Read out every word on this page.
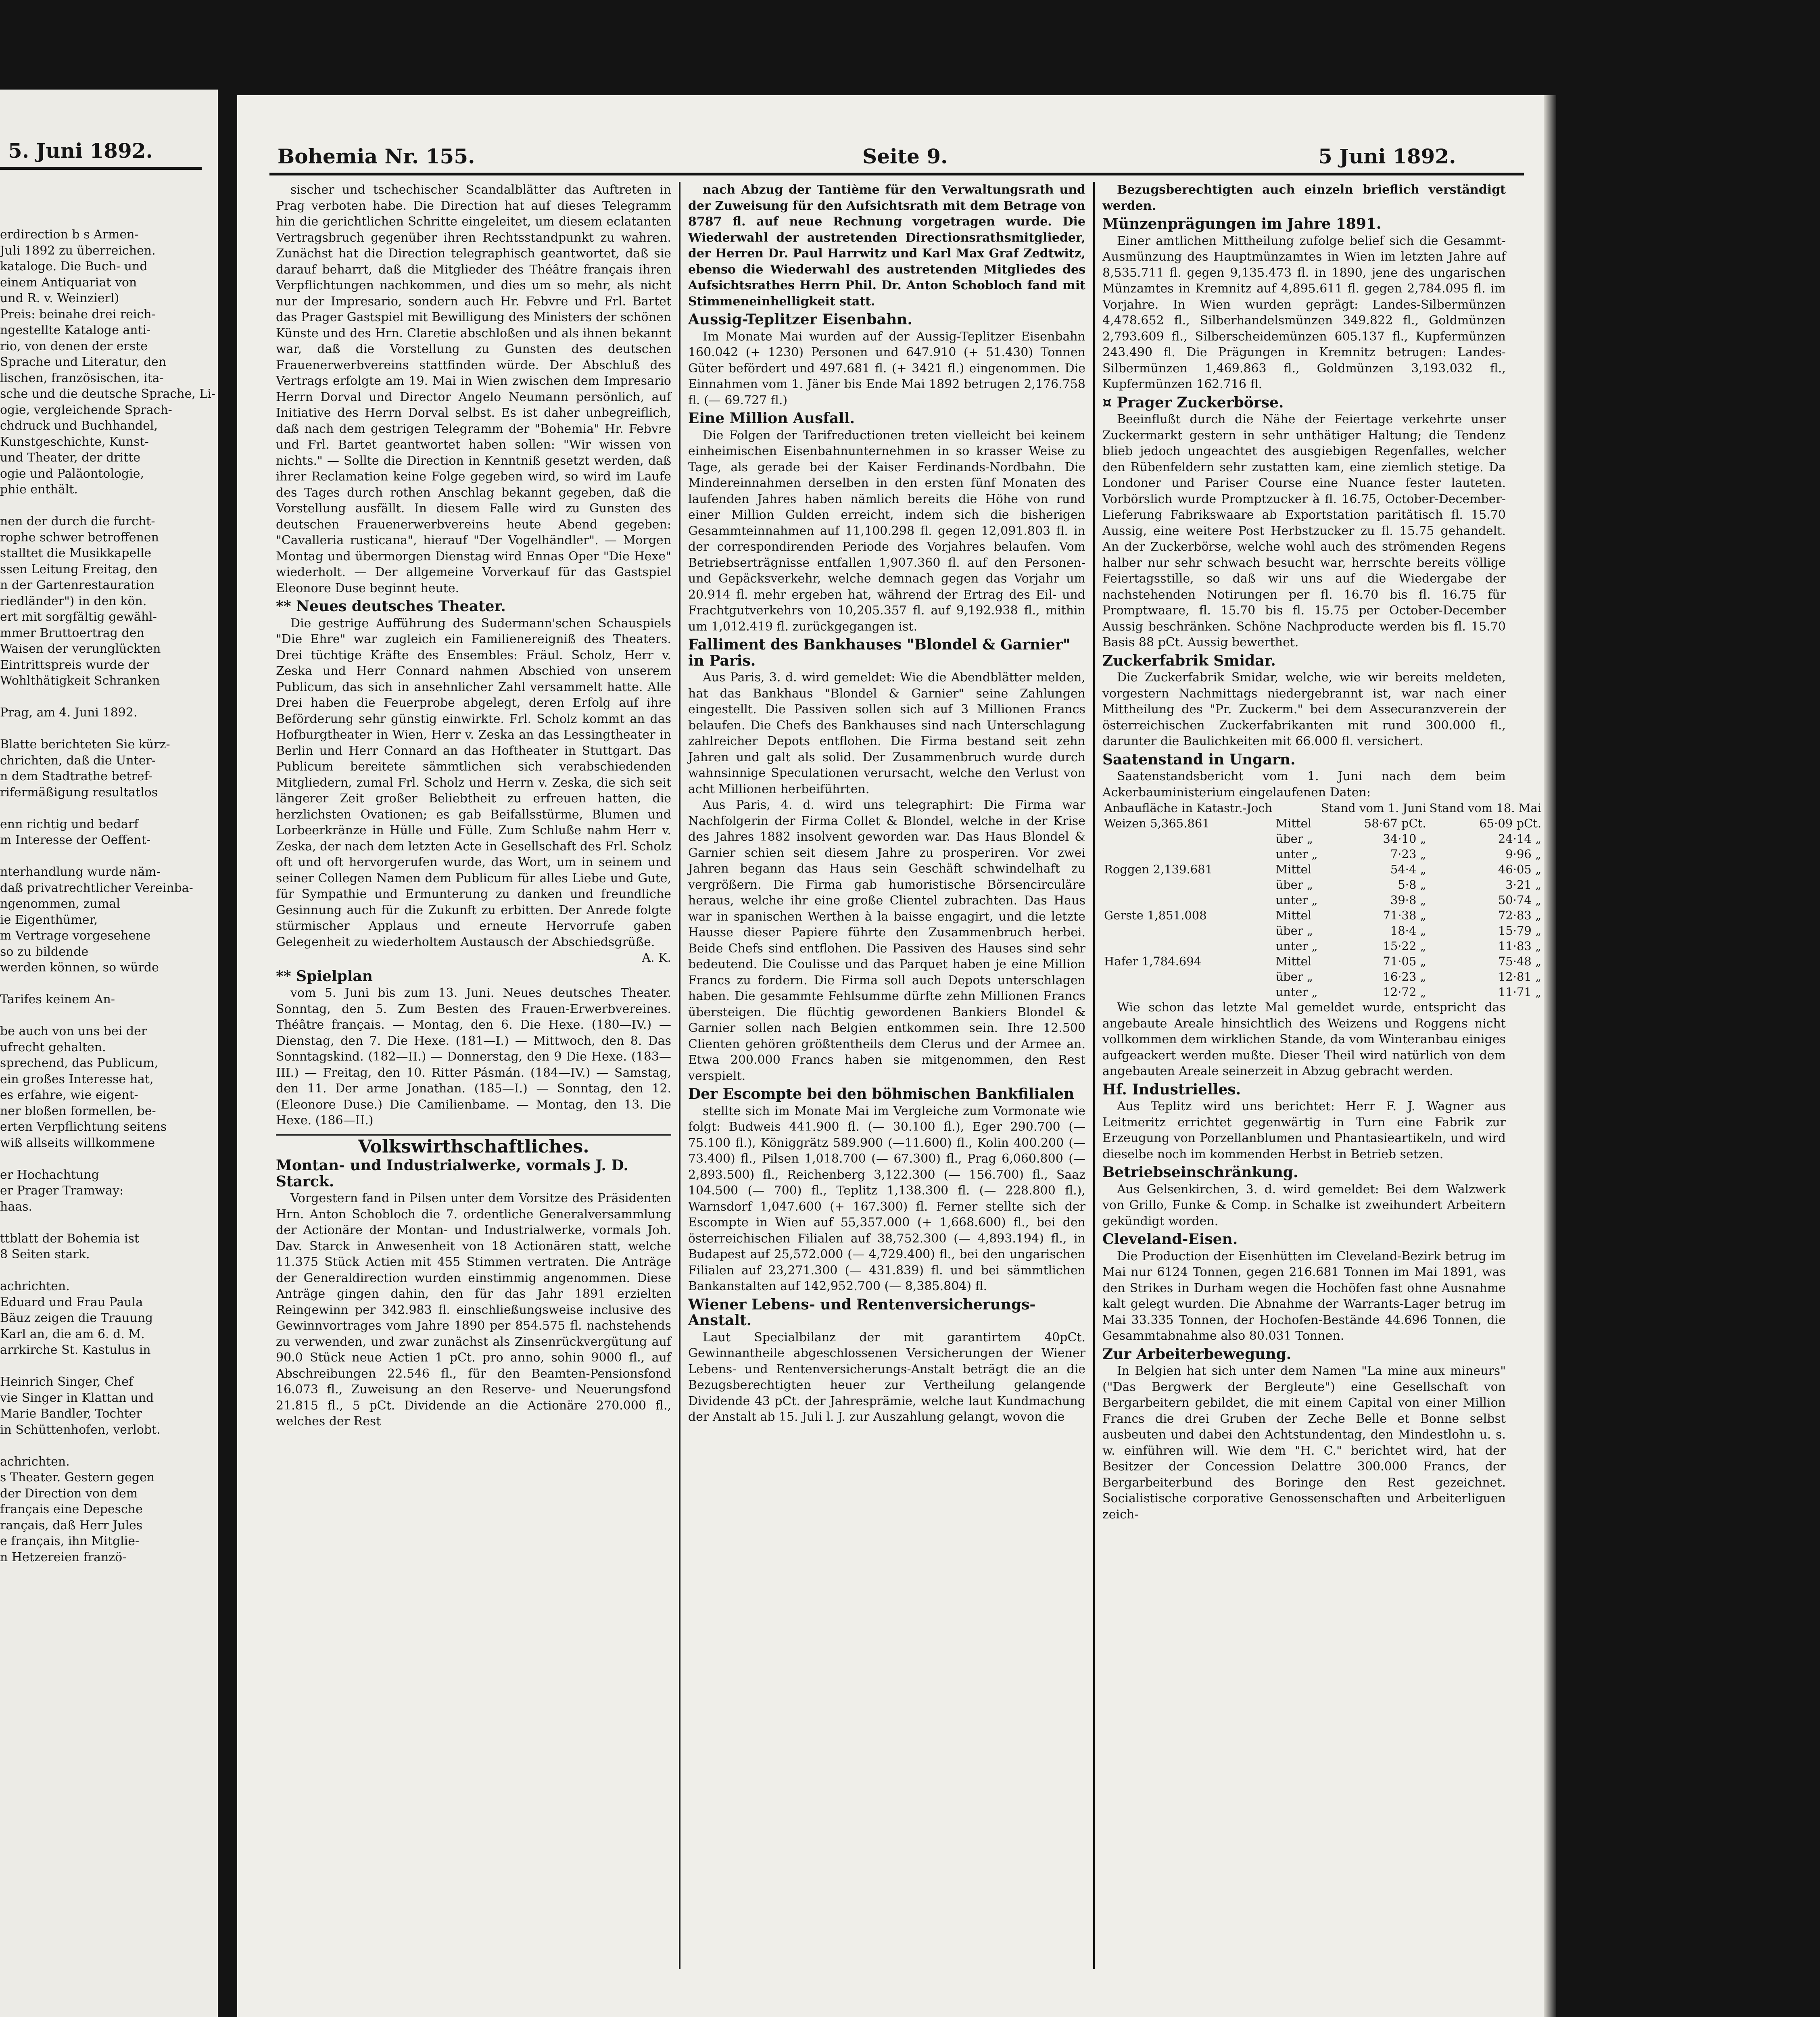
5. Juni 1892.

erdirection b s Armen-

Juli 1892 zu überreichen.

kataloge. Die Buch- und

einem Antiquariat von

und R. v. Weinzierl)

Preis: beinahe drei reich-

ngestellte Kataloge anti-

rio, von denen der erste

Sprache und Literatur, den

lischen, französischen, ita-

sche und die deutsche Sprache, Li-

ogie, vergleichende Sprach-

chdruck und Buchhandel,

Kunstgeschichte, Kunst-

und Theater, der dritte

ogie und Paläontologie,

phie enthält.

nen der durch die furcht-

rophe schwer betroffenen

stalltet die Musikkapelle

ssen Leitung Freitag, den

n der Gartenrestauration

riedländer") in den kön.

ert mit sorgfältig gewähl-

mmer Bruttoertrag den

Waisen der verunglückten

Eintrittspreis wurde der

Wohlthätigkeit Schranken

Prag, am 4. Juni 1892.

Blatte berichteten Sie kürz-

chrichten, daß die Unter-

n dem Stadtrathe betref-

rifermäßigung resultatlos

enn richtig und bedarf

m Interesse der Oeffent-

nterhandlung wurde näm-

daß privatrechtlicher Vereinba-

ngenommen, zumal

ie Eigenthümer,

m Vertrage vorgesehene

so zu bildende

werden können, so würde

Tarifes keinem An-

be auch von uns bei der

ufrecht gehalten.

sprechend, das Publicum,

ein großes Interesse hat,

es erfahre, wie eigent-

ner bloßen formellen, be-

erten Verpflichtung seitens

wiß allseits willkommene

er Hochachtung

er Prager Tramway:

haas.

ttblatt der Bohemia ist

8 Seiten stark.

achrichten.

Eduard und Frau Paula

Bäuz zeigen die Trauung

Karl an, die am 6. d. M.

arrkirche St. Kastulus in

Heinrich Singer, Chef

vie Singer in Klattan und

Marie Bandler, Tochter

in Schüttenhofen, verlobt.

achrichten.

s Theater. Gestern gegen

der Direction von dem

français eine Depesche

rançais, daß Herr Jules

e français, ihn Mitglie-

n Hetzereien franzö-

Bohemia Nr. 155.	Seite 9.	5 Juni 1892.

sischer und tschechischer Scandalblätter das Auftreten in Prag verboten habe. Die Direction hat auf dieses Telegramm hin die gerichtlichen Schritte eingeleitet, um diesem eclatanten Vertragsbruch gegenüber ihren Rechtsstandpunkt zu wahren. Zunächst hat die Direction telegraphisch geantwortet, daß sie darauf beharrt, daß die Mitglieder des Théâtre français ihren Verpflichtungen nachkommen, und dies um so mehr, als nicht nur der Impresario, sondern auch Hr. Febvre und Frl. Bartet das Prager Gastspiel mit Bewilligung des Ministers der schönen Künste und des Hrn. Claretie abschloßen und als ihnen bekannt war, daß die Vorstellung zu Gunsten des deutschen Frauenerwerbvereins stattfinden würde. Der Abschluß des Vertrags erfolgte am 19. Mai in Wien zwischen dem Impresario Herrn Dorval und Director Angelo Neumann persönlich, auf Initiative des Herrn Dorval selbst. Es ist daher unbegreiflich, daß nach dem gestrigen Telegramm der "Bohemia" Hr. Febvre und Frl. Bartet geantwortet haben sollen: "Wir wissen von nichts." — Sollte die Direction in Kenntniß gesetzt werden, daß ihrer Reclamation keine Folge gegeben wird, so wird im Laufe des Tages durch rothen Anschlag bekannt gegeben, daß die Vorstellung ausfällt. In diesem Falle wird zu Gunsten des deutschen Frauenerwerbvereins heute Abend gegeben: "Cavalleria rusticana", hierauf "Der Vogelhändler". — Morgen Montag und übermorgen Dienstag wird Ennas Oper "Die Hexe" wiederholt. — Der allgemeine Vorverkauf für das Gastspiel Eleonore Duse beginnt heute.

** Neues deutsches Theater.

Die gestrige Aufführung des Sudermann'schen Schauspiels "Die Ehre" war zugleich ein Familienereigniß des Theaters. Drei tüchtige Kräfte des Ensembles: Fräul. Scholz, Herr v. Zeska und Herr Connard nahmen Abschied von unserem Publicum, das sich in ansehnlicher Zahl versammelt hatte. Alle Drei haben die Feuerprobe abgelegt, deren Erfolg auf ihre Beförderung sehr günstig einwirkte. Frl. Scholz kommt an das Hofburgtheater in Wien, Herr v. Zeska an das Lessingtheater in Berlin und Herr Connard an das Hoftheater in Stuttgart. Das Publicum bereitete sämmtlichen sich verabschiedenden Mitgliedern, zumal Frl. Scholz und Herrn v. Zeska, die sich seit längerer Zeit großer Beliebtheit zu erfreuen hatten, die herzlichsten Ovationen; es gab Beifallsstürme, Blumen und Lorbeerkränze in Hülle und Fülle. Zum Schluße nahm Herr v. Zeska, der nach dem letzten Acte in Gesellschaft des Frl. Scholz oft und oft hervorgerufen wurde, das Wort, um in seinem und seiner Collegen Namen dem Publicum für alles Liebe und Gute, für Sympathie und Ermunterung zu danken und freundliche Gesinnung auch für die Zukunft zu erbitten. Der Anrede folgte stürmischer Applaus und erneute Hervorrufe gaben Gelegenheit zu wiederholtem Austausch der Abschiedsgrüße.

A. K.

** Spielplan

vom 5. Juni bis zum 13. Juni. Neues deutsches Theater. Sonntag, den 5. Zum Besten des Frauen-Erwerbvereines. Théâtre français. — Montag, den 6. Die Hexe. (180—IV.) — Dienstag, den 7. Die Hexe. (181—I.) — Mittwoch, den 8. Das Sonntagskind. (182—II.) — Donnerstag, den 9 Die Hexe. (183—III.) — Freitag, den 10. Ritter Pásmán. (184—IV.) — Samstag, den 11. Der arme Jonathan. (185—I.) — Sonntag, den 12. (Eleonore Duse.) Die Camilienbame. — Montag, den 13. Die Hexe. (186—II.)

Volkswirthschaftliches.
Montan- und Industrialwerke, vormals J. D. Starck.

Vorgestern fand in Pilsen unter dem Vorsitze des Präsidenten Hrn. Anton Schobloch die 7. ordentliche Generalversammlung der Actionäre der Montan- und Industrialwerke, vormals Joh. Dav. Starck in Anwesenheit von 18 Actionären statt, welche 11.375 Stück Actien mit 455 Stimmen vertraten. Die Anträge der Generaldirection wurden einstimmig angenommen. Diese Anträge gingen dahin, den für das Jahr 1891 erzielten Reingewinn per 342.983 fl. einschließungsweise inclusive des Gewinnvortrages vom Jahre 1890 per 854.575 fl. nachstehends zu verwenden, und zwar zunächst als Zinsenrückvergütung auf 90.0 Stück neue Actien 1 pCt. pro anno, sohin 9000 fl., auf Abschreibungen 22.546 fl., für den Beamten-Pensionsfond 16.073 fl., Zuweisung an den Reserve- und Neuerungsfond 21.815 fl., 5 pCt. Dividende an die Actionäre 270.000 fl., welches der Rest

nach Abzug der Tantième für den Verwaltungsrath und der Zuweisung für den Aufsichtsrath mit dem Betrage von 8787 fl. auf neue Rechnung vorgetragen wurde. Die Wiederwahl der austretenden Directionsrathsmitglieder, der Herren Dr. Paul Harrwitz und Karl Max Graf Zedtwitz, ebenso die Wiederwahl des austretenden Mitgliedes des Aufsichtsrathes Herrn Phil. Dr. Anton Schobloch fand mit Stimmeneinhelligkeit statt.

Aussig-Teplitzer Eisenbahn.

Im Monate Mai wurden auf der Aussig-Teplitzer Eisenbahn 160.042 (+ 1230) Personen und 647.910 (+ 51.430) Tonnen Güter befördert und 497.681 fl. (+ 3421 fl.) eingenommen. Die Einnahmen vom 1. Jäner bis Ende Mai 1892 betrugen 2,176.758 fl. (— 69.727 fl.)

Eine Million Ausfall.

Die Folgen der Tarifreductionen treten vielleicht bei keinem einheimischen Eisenbahnunternehmen in so krasser Weise zu Tage, als gerade bei der Kaiser Ferdinands-Nordbahn. Die Mindereinnahmen derselben in den ersten fünf Monaten des laufenden Jahres haben nämlich bereits die Höhe von rund einer Million Gulden erreicht, indem sich die bisherigen Gesammteinnahmen auf 11,100.298 fl. gegen 12,091.803 fl. in der correspondirenden Periode des Vorjahres belaufen. Vom Betriebserträgnisse entfallen 1,907.360 fl. auf den Personen- und Gepäcksverkehr, welche demnach gegen das Vorjahr um 20.914 fl. mehr ergeben hat, während der Ertrag des Eil- und Frachtgutverkehrs von 10,205.357 fl. auf 9,192.938 fl., mithin um 1,012.419 fl. zurückgegangen ist.

Falliment des Bankhauses "Blondel & Garnier" in Paris.

Aus Paris, 3. d. wird gemeldet: Wie die Abendblätter melden, hat das Bankhaus "Blondel & Garnier" seine Zahlungen eingestellt. Die Passiven sollen sich auf 3 Millionen Francs belaufen. Die Chefs des Bankhauses sind nach Unterschlagung zahlreicher Depots entflohen. Die Firma bestand seit zehn Jahren und galt als solid. Der Zusammenbruch wurde durch wahnsinnige Speculationen verursacht, welche den Verlust von acht Millionen herbeiführten.

Aus Paris, 4. d. wird uns telegraphirt: Die Firma war Nachfolgerin der Firma Collet & Blondel, welche in der Krise des Jahres 1882 insolvent geworden war. Das Haus Blondel & Garnier schien seit diesem Jahre zu prosperiren. Vor zwei Jahren begann das Haus sein Geschäft schwindelhaft zu vergrößern. Die Firma gab humoristische Börsencirculäre heraus, welche ihr eine große Clientel zubrachten. Das Haus war in spanischen Werthen à la baisse engagirt, und die letzte Hausse dieser Papiere führte den Zusammenbruch herbei. Beide Chefs sind entflohen. Die Passiven des Hauses sind sehr bedeutend. Die Coulisse und das Parquet haben je eine Million Francs zu fordern. Die Firma soll auch Depots unterschlagen haben. Die gesammte Fehlsumme dürfte zehn Millionen Francs übersteigen. Die flüchtig gewordenen Bankiers Blondel & Garnier sollen nach Belgien entkommen sein. Ihre 12.500 Clienten gehören größtentheils dem Clerus und der Armee an. Etwa 200.000 Francs haben sie mitgenommen, den Rest verspielt.

Der Escompte bei den böhmischen Bankfilialen

stellte sich im Monate Mai im Vergleiche zum Vormonate wie folgt: Budweis 441.900 fl. (— 30.100 fl.), Eger 290.700 (— 75.100 fl.), Königgrätz 589.900 (—11.600) fl., Kolin 400.200 (—73.400) fl., Pilsen 1,018.700 (— 67.300) fl., Prag 6,060.800 (— 2,893.500) fl., Reichenberg 3,122.300 (— 156.700) fl., Saaz 104.500 (— 700) fl., Teplitz 1,138.300 fl. (— 228.800 fl.), Warnsdorf 1,047.600 (+ 167.300) fl. Ferner stellte sich der Escompte in Wien auf 55,357.000 (+ 1,668.600) fl., bei den österreichischen Filialen auf 38,752.300 (— 4,893.194) fl., in Budapest auf 25,572.000 (— 4,729.400) fl., bei den ungarischen Filialen auf 23,271.300 (— 431.839) fl. und bei sämmtlichen Bankanstalten auf 142,952.700 (— 8,385.804) fl.

Wiener Lebens- und Rentenversicherungs-Anstalt.

Laut Specialbilanz der mit garantirtem 40pCt. Gewinnantheile abgeschlossenen Versicherungen der Wiener Lebens- und Rentenversicherungs-Anstalt beträgt die an die Bezugsberechtigten heuer zur Vertheilung gelangende Dividende 43 pCt. der Jahresprämie, welche laut Kundmachung der Anstalt ab 15. Juli l. J. zur Auszahlung gelangt, wovon die

Bezugsberechtigten auch einzeln brieflich verständigt werden.

Münzenprägungen im Jahre 1891.

Einer amtlichen Mittheilung zufolge belief sich die Gesammt-Ausmünzung des Hauptmünzamtes in Wien im letzten Jahre auf 8,535.711 fl. gegen 9,135.473 fl. in 1890, jene des ungarischen Münzamtes in Kremnitz auf 4,895.611 fl. gegen 2,784.095 fl. im Vorjahre. In Wien wurden geprägt: Landes-Silbermünzen 4,478.652 fl., Silberhandelsmünzen 349.822 fl., Goldmünzen 2,793.609 fl., Silberscheidemünzen 605.137 fl., Kupfermünzen 243.490 fl. Die Prägungen in Kremnitz betrugen: Landes-Silbermünzen 1,469.863 fl., Goldmünzen 3,193.032 fl., Kupfermünzen 162.716 fl.

¤ Prager Zuckerbörse.

Beeinflußt durch die Nähe der Feiertage verkehrte unser Zuckermarkt gestern in sehr unthätiger Haltung; die Tendenz blieb jedoch ungeachtet des ausgiebigen Regenfalles, welcher den Rübenfeldern sehr zustatten kam, eine ziemlich stetige. Da Londoner und Pariser Course eine Nuance fester lauteten. Vorbörslich wurde Promptzucker à fl. 16.75, October-December-Lieferung Fabrikswaare ab Exportstation paritätisch fl. 15.70 Aussig, eine weitere Post Herbstzucker zu fl. 15.75 gehandelt. An der Zuckerbörse, welche wohl auch des strömenden Regens halber nur sehr schwach besucht war, herrschte bereits völlige Feiertagsstille, so daß wir uns auf die Wiedergabe der nachstehenden Notirungen per fl. 16.70 bis fl. 16.75 für Promptwaare, fl. 15.70 bis fl. 15.75 per October-December Aussig beschränken. Schöne Nachproducte werden bis fl. 15.70 Basis 88 pCt. Aussig bewerthet.

Zuckerfabrik Smidar.

Die Zuckerfabrik Smidar, welche, wie wir bereits meldeten, vorgestern Nachmittags niedergebrannt ist, war nach einer Mittheilung des "Pr. Zuckerm." bei dem Assecuranzverein der österreichischen Zuckerfabrikanten mit rund 300.000 fl., darunter die Baulichkeiten mit 66.000 fl. versichert.

Saatenstand in Ungarn.

Saatenstandsbericht vom 1. Juni nach dem beim Ackerbauministerium eingelaufenen Daten:

Anbaufläche in Katastr.-Joch		Stand vom 1. Juni	Stand vom 18. Mai
Weizen 5,365.861	Mittel	58·67 pCt.	65·09 pCt.
	über „	34·10 „	24·14 „
	unter „	7·23 „	9·96 „
Roggen 2,139.681	Mittel	54·4 „	46·05 „
	über „	5·8 „	3·21 „
	unter „	39·8 „	50·74 „
Gerste 1,851.008	Mittel	71·38 „	72·83 „
	über „	18·4 „	15·79 „
	unter „	15·22 „	11·83 „
Hafer 1,784.694	Mittel	71·05 „	75·48 „
	über „	16·23 „	12·81 „
	unter „	12·72 „	11·71 „

Wie schon das letzte Mal gemeldet wurde, entspricht das angebaute Areale hinsichtlich des Weizens und Roggens nicht vollkommen dem wirklichen Stande, da vom Winteranbau einiges aufgeackert werden mußte. Dieser Theil wird natürlich von dem angebauten Areale seinerzeit in Abzug gebracht werden.

Hf. Industrielles.

Aus Teplitz wird uns berichtet: Herr F. J. Wagner aus Leitmeritz errichtet gegenwärtig in Turn eine Fabrik zur Erzeugung von Porzellanblumen und Phantasieartikeln, und wird dieselbe noch im kommenden Herbst in Betrieb setzen.

Betriebseinschränkung.

Aus Gelsenkirchen, 3. d. wird gemeldet: Bei dem Walzwerk von Grillo, Funke & Comp. in Schalke ist zweihundert Arbeitern gekündigt worden.

Cleveland-Eisen.

Die Production der Eisenhütten im Cleveland-Bezirk betrug im Mai nur 6124 Tonnen, gegen 216.681 Tonnen im Mai 1891, was den Strikes in Durham wegen die Hochöfen fast ohne Ausnahme kalt gelegt wurden. Die Abnahme der Warrants-Lager betrug im Mai 33.335 Tonnen, der Hochofen-Bestände 44.696 Tonnen, die Gesammtabnahme also 80.031 Tonnen.

Zur Arbeiterbewegung.

In Belgien hat sich unter dem Namen "La mine aux mineurs" ("Das Bergwerk der Bergleute") eine Gesellschaft von Bergarbeitern gebildet, die mit einem Capital von einer Million Francs die drei Gruben der Zeche Belle et Bonne selbst ausbeuten und dabei den Achtstundentag, den Mindestlohn u. s. w. einführen will. Wie dem "H. C." berichtet wird, hat der Besitzer der Concession Delattre 300.000 Francs, der Bergarbeiterbund des Boringe den Rest gezeichnet. Socialistische corporative Genossenschaften und Arbeiterliguen zeich-
